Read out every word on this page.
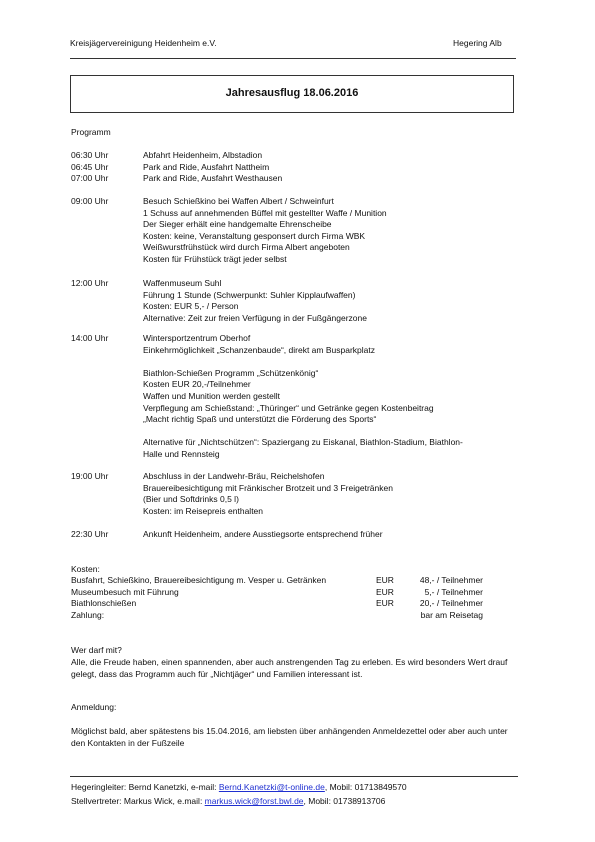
Kreisjägervereinigung Heidenheim e.V.	Hegering Alb
Jahresausflug 18.06.2016
Programm
06:30 Uhr	Abfahrt Heidenheim, Albstadion
06:45 Uhr	Park and Ride, Ausfahrt Nattheim
07:00 Uhr	Park and Ride, Ausfahrt Westhausen
09:00 Uhr	Besuch Schießkino bei Waffen Albert / Schweinfurt
1 Schuss auf annehmenden Büffel mit gestellter Waffe / Munition
Der Sieger erhält eine handgemalte Ehrenscheibe
Kosten: keine, Veranstaltung gesponsert durch Firma WBK
Weißwurstfrühstück wird durch Firma Albert angeboten
Kosten für Frühstück trägt jeder selbst
12:00 Uhr	Waffenmuseum Suhl
Führung 1 Stunde (Schwerpunkt: Suhler Kipplaufwaffen)
Kosten: EUR 5,- / Person
Alternative: Zeit zur freien Verfügung in der Fußgängerzone
14:00 Uhr	Wintersportzentrum Oberhof
Einkehrmöglichkeit „Schanzenbaude“, direkt am Busparkplatz
Biathlon-Schießen Programm „Schützenkönig“
Kosten EUR 20,-/Teilnehmer
Waffen und Munition werden gestellt
Verpflegung am Schießstand: „Thüringer“ und Getränke gegen Kostenbeitrag
„Macht richtig Spaß und unterstützt die Förderung des Sports“
Alternative für „Nichtschützen“: Spaziergang zu Eiskanal, Biathlon-Stadium, Biathlon-
Halle und Rennsteig
19:00 Uhr	Abschluss in der Landwehr-Bräu, Reichelshofen
Brauereibesichtigung mit Fränkischer Brotzeit und 3 Freigetränken
(Bier und Softdrinks 0,5 l)
Kosten: im Reisepreis enthalten
22:30 Uhr	Ankunft Heidenheim, andere Ausstiegsorte entsprechend früher
Kosten:
Busfahrt, Schießkino, Brauereibesichtigung m. Vesper u. Getränken	EUR	48,- / Teilnehmer
Museumbesuch mit Führung	EUR	5,- / Teilnehmer
Biathlonschießen	EUR	20,- / Teilnehmer
Zahlung:	bar am Reisetag
Wer darf mit?
Alle, die Freude haben, einen spannenden, aber auch anstrengenden Tag zu erleben. Es wird besonders Wert drauf gelegt, dass das Programm auch für „Nichtjäger“ und Familien interessant ist.
Anmeldung:
Möglichst bald, aber spätestens bis 15.04.2016, am liebsten über anhängenden Anmeldezettel oder aber auch unter den Kontakten in der Fußzeile
Hegeringleiter: Bernd Kanetzki, e-mail: Bernd.Kanetzki@t-online.de, Mobil: 01713849570
Stellvertreter: Markus Wick, e.mail: markus.wick@forst.bwl.de, Mobil: 01738913706
